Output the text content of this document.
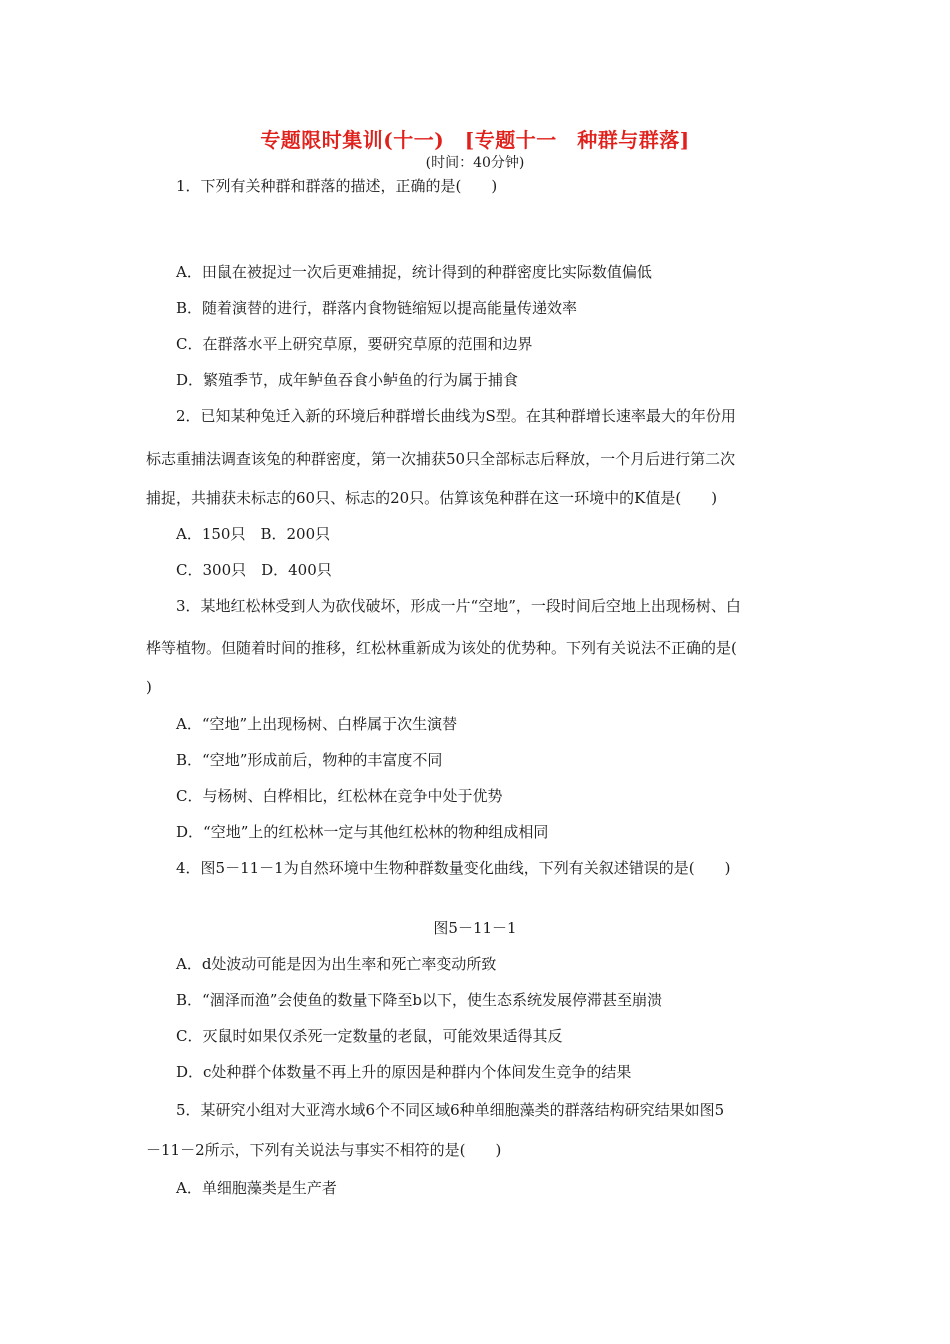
专题限时集训(十一)　[专题十一　种群与群落]
(时间：40分钟)
1．下列有关种群和群落的描述，正确的是(　　)
A．田鼠在被捉过一次后更难捕捉，统计得到的种群密度比实际数值偏低
B．随着演替的进行，群落内食物链缩短以提高能量传递效率
C．在群落水平上研究草原，要研究草原的范围和边界
D．繁殖季节，成年鲈鱼吞食小鲈鱼的行为属于捕食
2．已知某种兔迁入新的环境后种群增长曲线为S型。在其种群增长速率最大的年份用
标志重捕法调查该兔的种群密度，第一次捕获50只全部标志后释放，一个月后进行第二次
捕捉，共捕获未标志的60只、标志的20只。估算该兔种群在这一环境中的K值是(　　)
A．150只　B．200只
C．300只　D．400只
3．某地红松林受到人为砍伐破坏，形成一片“空地”，一段时间后空地上出现杨树、白
桦等植物。但随着时间的推移，红松林重新成为该处的优势种。下列有关说法不正确的是(
)
A．“空地”上出现杨树、白桦属于次生演替
B．“空地”形成前后，物种的丰富度不同
C．与杨树、白桦相比，红松林在竞争中处于优势
D．“空地”上的红松林一定与其他红松林的物种组成相同
4．图5－11－1为自然环境中生物种群数量变化曲线，下列有关叙述错误的是(　　)
图5－11－1
A．d处波动可能是因为出生率和死亡率变动所致
B．“涸泽而渔”会使鱼的数量下降至b以下，使生态系统发展停滞甚至崩溃
C．灭鼠时如果仅杀死一定数量的老鼠，可能效果适得其反
D．c处种群个体数量不再上升的原因是种群内个体间发生竞争的结果
5．某研究小组对大亚湾水域6个不同区域6种单细胞藻类的群落结构研究结果如图5
－11－2所示，下列有关说法与事实不相符的是(　　)
A．单细胞藻类是生产者
